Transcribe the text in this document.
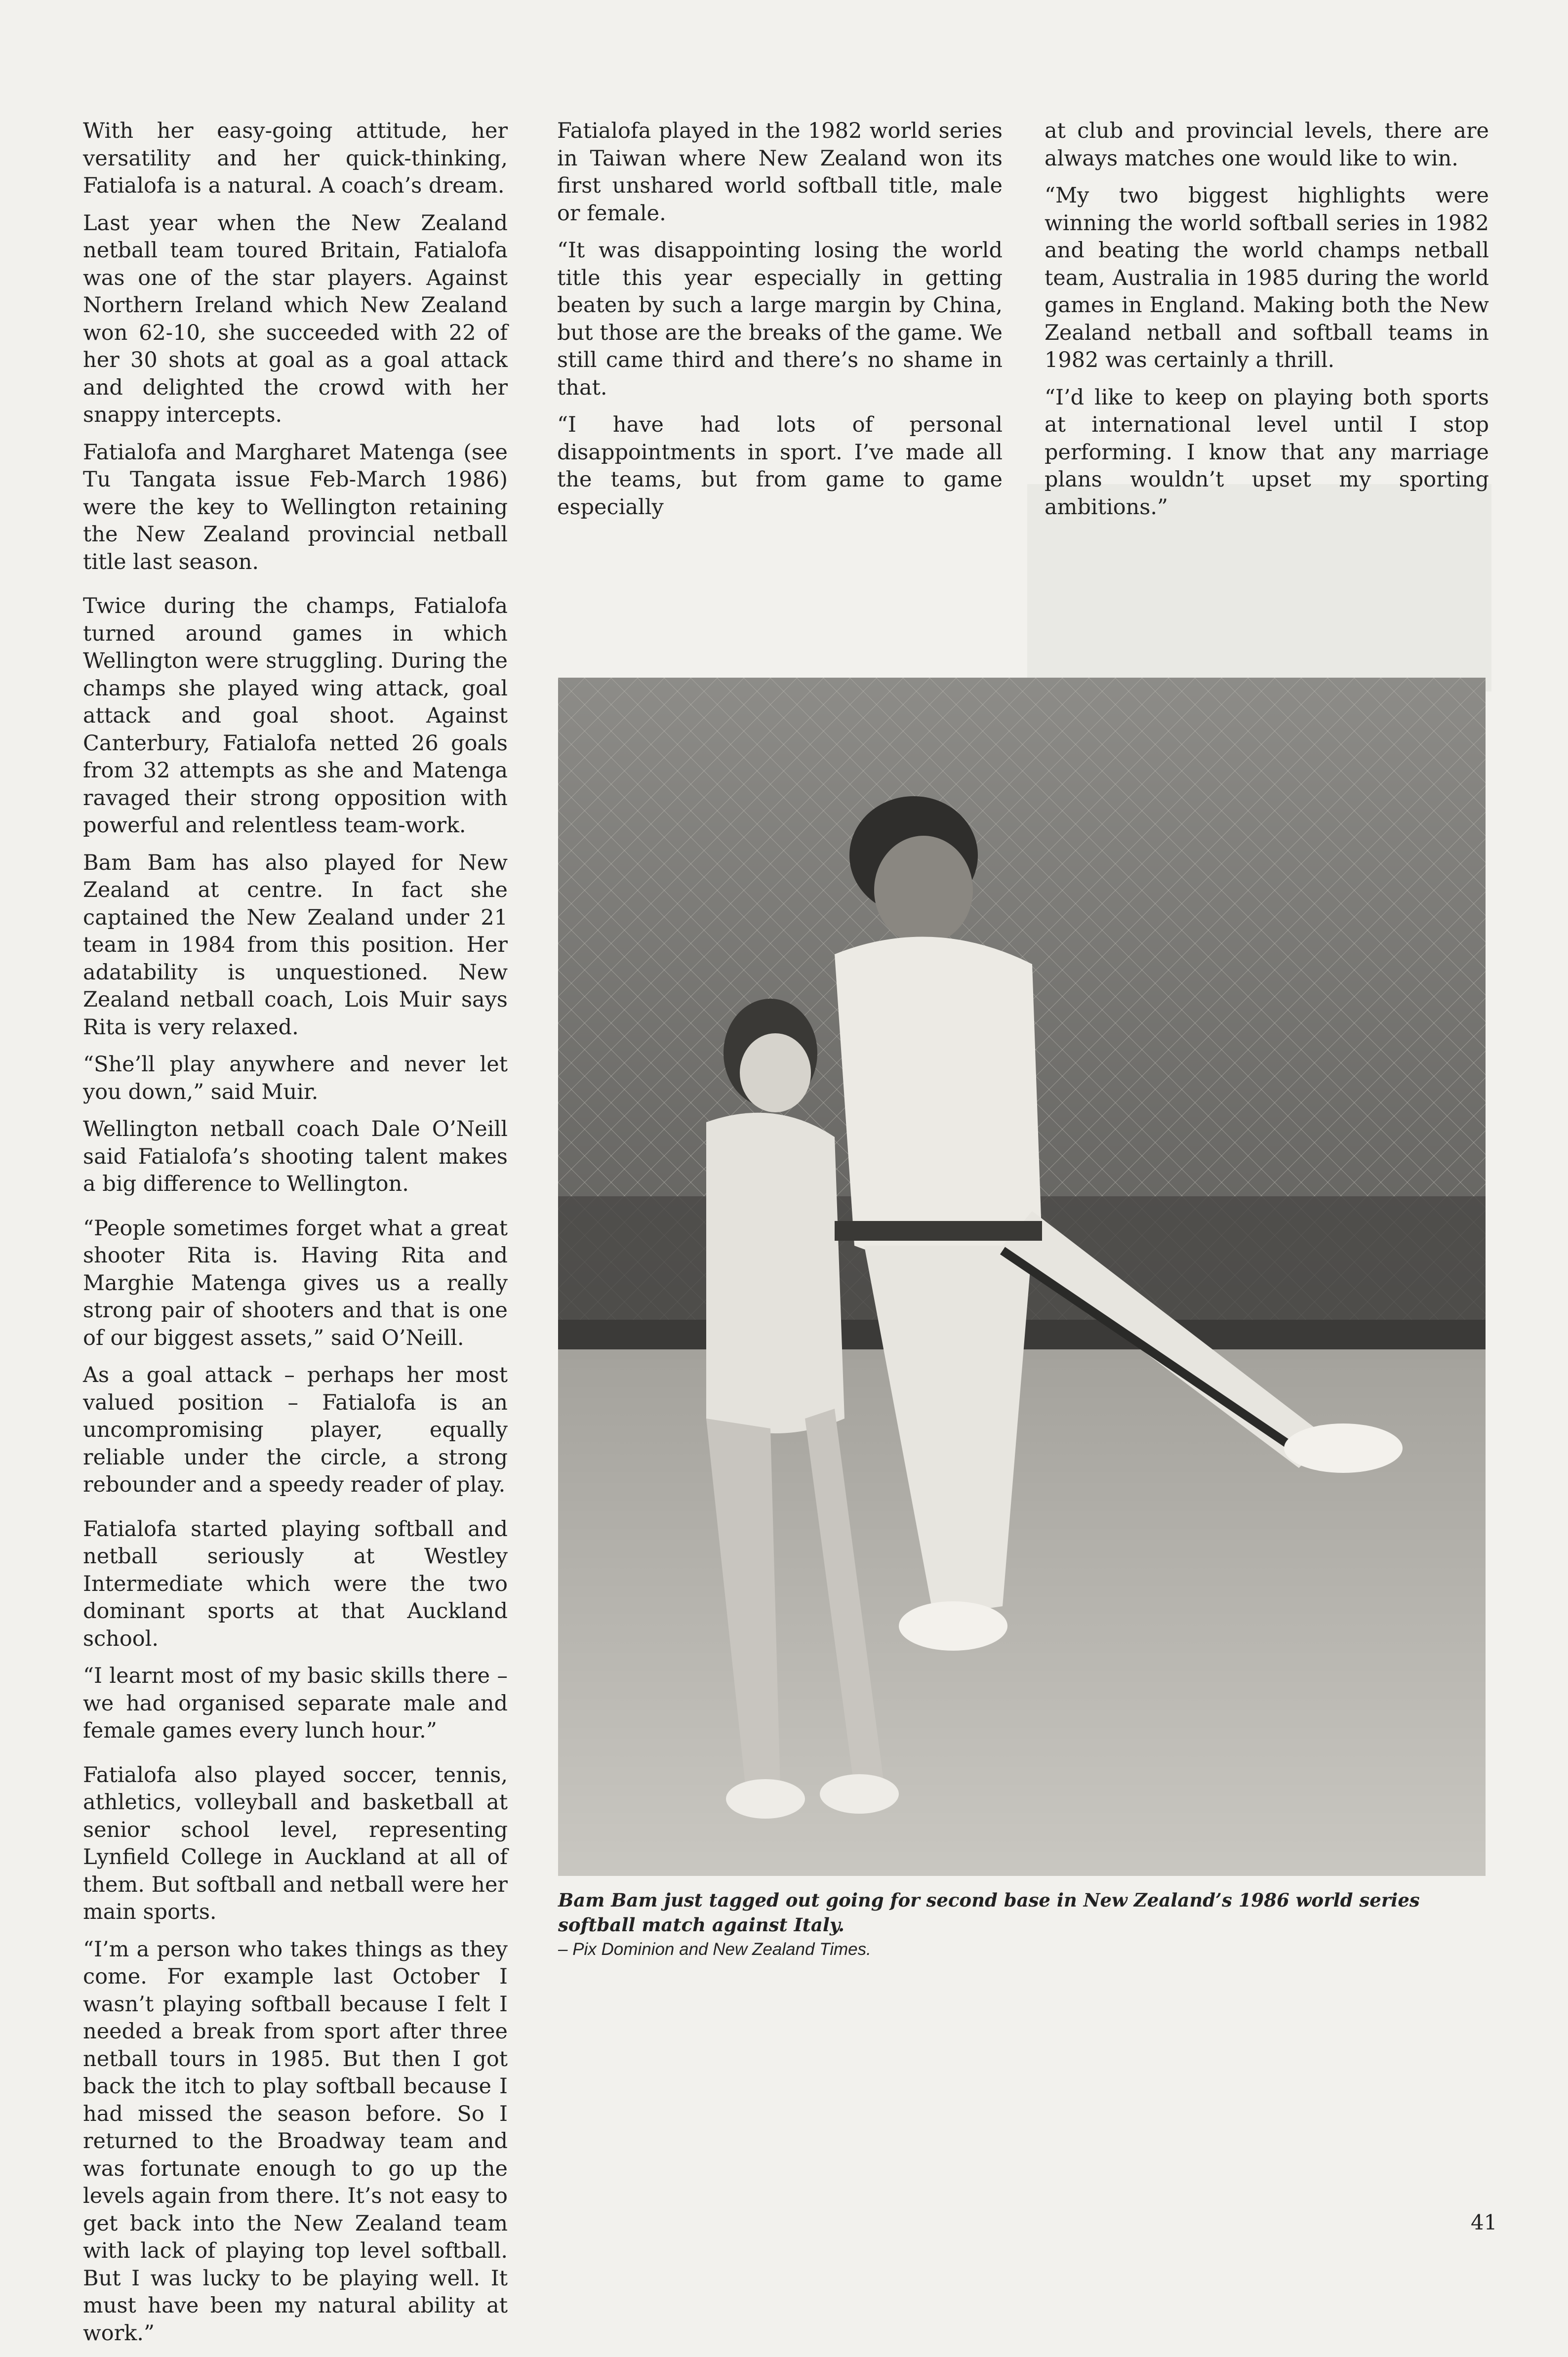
With her easy-going attitude, her versatility and her quick-thinking, Fatialofa is a natural. A coach’s dream.

Last year when the New Zealand netball team toured Britain, Fatialofa was one of the star players. Against Northern Ireland which New Zealand won 62-10, she succeeded with 22 of her 30 shots at goal as a goal attack and delighted the crowd with her snappy intercepts.

Fatialofa and Margharet Matenga (see Tu Tangata issue Feb-March 1986) were the key to Wellington retaining the New Zealand provincial netball title last season.

Twice during the champs, Fatialofa turned around games in which Wellington were struggling. During the champs she played wing attack, goal attack and goal shoot. Against Canterbury, Fatialofa netted 26 goals from 32 attempts as she and Matenga ravaged their strong opposition with powerful and relentless team-work.

Bam Bam has also played for New Zealand at centre. In fact she captained the New Zealand under 21 team in 1984 from this position. Her adatability is unquestioned. New Zealand netball coach, Lois Muir says Rita is very relaxed.

“She’ll play anywhere and never let you down,” said Muir.

Wellington netball coach Dale O’Neill said Fatialofa’s shooting talent makes a big difference to Wellington.

“People sometimes forget what a great shooter Rita is. Having Rita and Marghie Matenga gives us a really strong pair of shooters and that is one of our biggest assets,” said O’Neill.

As a goal attack – perhaps her most valued position – Fatialofa is an uncompromising player, equally reliable under the circle, a strong rebounder and a speedy reader of play.

Fatialofa started playing softball and netball seriously at Westley Intermediate which were the two dominant sports at that Auckland school.

“I learnt most of my basic skills there – we had organised separate male and female games every lunch hour.”

Fatialofa also played soccer, tennis, athletics, volleyball and basketball at senior school level, representing Lynfield College in Auckland at all of them. But softball and netball were her main sports.

“I’m a person who takes things as they come. For example last October I wasn’t playing softball because I felt I needed a break from sport after three netball tours in 1985. But then I got back the itch to play softball because I had missed the season before. So I returned to the Broadway team and was fortunate enough to go up the levels again from there. It’s not easy to get back into the New Zealand team with lack of playing top level softball. But I was lucky to be playing well. It must have been my natural ability at work.”

Fatialofa played in the 1982 world series in Taiwan where New Zealand won its first unshared world softball title, male or female.

“It was disappointing losing the world title this year especially in getting beaten by such a large margin by China, but those are the breaks of the game. We still came third and there’s no shame in that.

“I have had lots of personal disappointments in sport. I’ve made all the teams, but from game to game especially

at club and provincial levels, there are always matches one would like to win.

“My two biggest highlights were winning the world softball series in 1982 and beating the world champs netball team, Australia in 1985 during the world games in England. Making both the New Zealand netball and softball teams in 1982 was certainly a thrill.

“I’d like to keep on playing both sports at international level until I stop performing. I know that any marriage plans wouldn’t upset my sporting ambitions.”

Bam Bam just tagged out going for second base in New Zealand’s 1986 world series softball match against Italy.
– Pix Dominion and New Zealand Times.
41
